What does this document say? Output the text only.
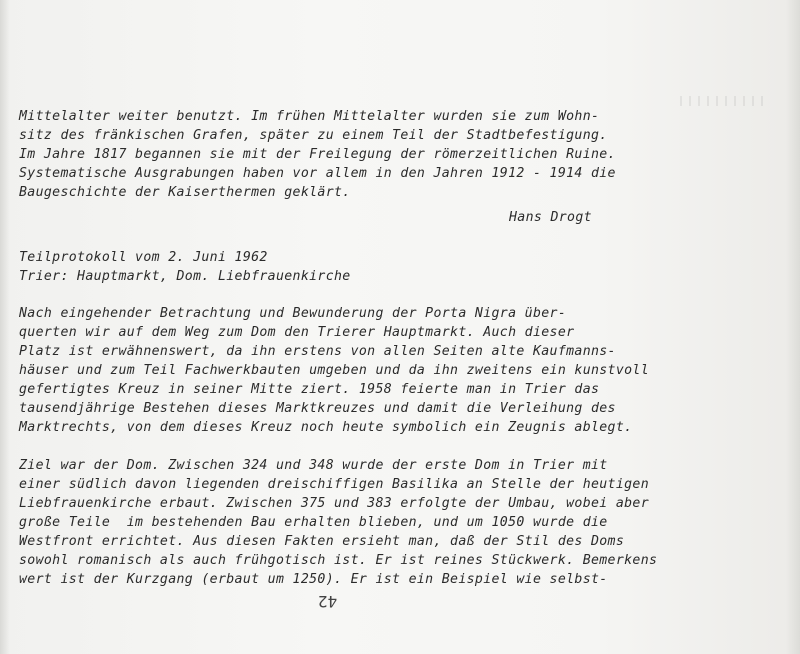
Mittelalter weiter benutzt. Im frühen Mittelalter wurden sie zum Wohn-
sitz des fränkischen Grafen, später zu einem Teil der Stadtbefestigung.
Im Jahre 1817 begannen sie mit der Freilegung der römerzeitlichen Ruine.
Systematische Ausgrabungen haben vor allem in den Jahren 1912 - 1914 die
Baugeschichte der Kaiserthermen geklärt.
Hans Drogt
Teilprotokoll vom 2. Juni 1962
Trier: Hauptmarkt, Dom. Liebfrauenkirche
Nach eingehender Betrachtung und Bewunderung der Porta Nigra über-
querten wir auf dem Weg zum Dom den Trierer Hauptmarkt. Auch dieser
Platz ist erwähnenswert, da ihn erstens von allen Seiten alte Kaufmanns-
häuser und zum Teil Fachwerkbauten umgeben und da ihn zweitens ein kunstvoll
gefertigtes Kreuz in seiner Mitte ziert. 1958 feierte man in Trier das
tausendjährige Bestehen dieses Marktkreuzes und damit die Verleihung des
Marktrechts, von dem dieses Kreuz noch heute symbolich ein Zeugnis ablegt.
Ziel war der Dom. Zwischen 324 und 348 wurde der erste Dom in Trier mit
einer südlich davon liegenden dreischiffigen Basilika an Stelle der heutigen
Liebfrauenkirche erbaut. Zwischen 375 und 383 erfolgte der Umbau, wobei aber
große Teile  im bestehenden Bau erhalten blieben, und um 1050 wurde die
Westfront errichtet. Aus diesen Fakten ersieht man, daß der Stil des Doms
sowohl romanisch als auch frühgotisch ist. Er ist reines Stückwerk. Bemerkens
wert ist der Kurzgang (erbaut um 1250). Er ist ein Beispiel wie selbst-
42
